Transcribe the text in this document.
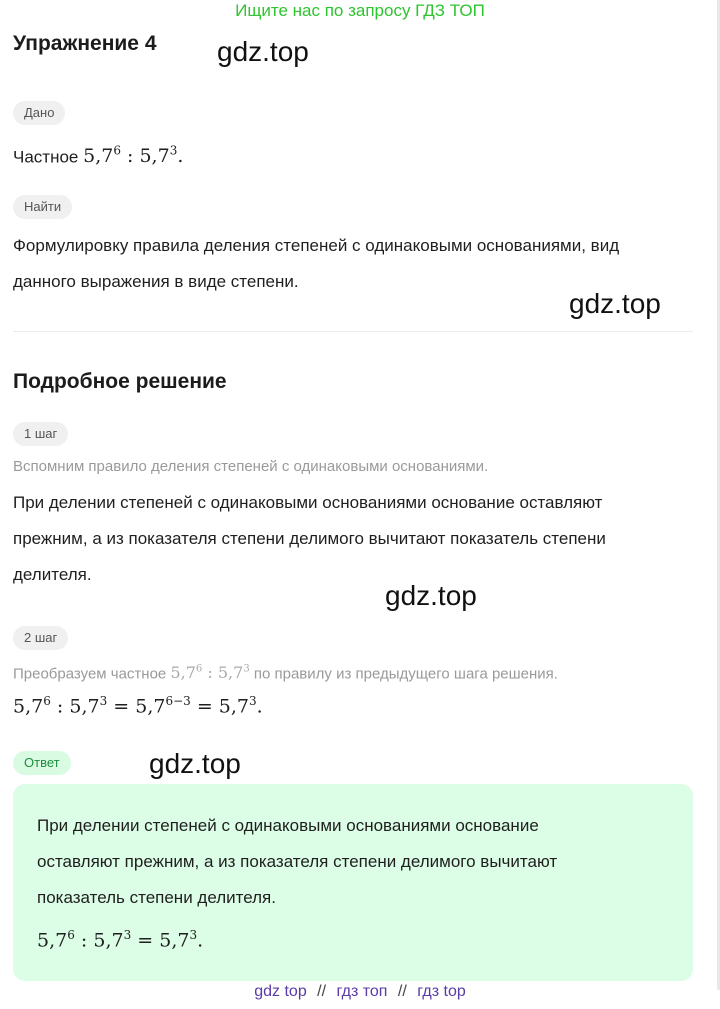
Ищите нас по запросу ГДЗ ТОП
Упражнение 4 gdz.top
Дано
Частное $5,7^6$ : $5,7^3$.
Найти
Формулировку правила деления степеней с одинаковыми основаниями, вид
данного выражения в виде степени.
gdz.top
Подробное решение
1 шаг
Вспомним правило деления степеней с одинаковыми основаниями.
При делении степеней с одинаковыми основаниями основание оставляют
прежним, а из показателя степени делимого вычитают показатель степени
делителя.
gdz.top
2 шаг
Преобразуем частное $5,7^6$ : $5,7^3$ по правилу из предыдущего шага решения.
$5,7^6$ : $5,7^3 = 5,7^{6-3} = 5,7^3$.
Ответ	gdz.top
При делении степеней с одинаковыми основаниями основание
оставляют прежним, а из показателя степени делимого вычитают
показатель степени делителя.
$5,7^6$ : $5,7^3 = 5,7^3$.
gdz top // гдз топ // гдз top
